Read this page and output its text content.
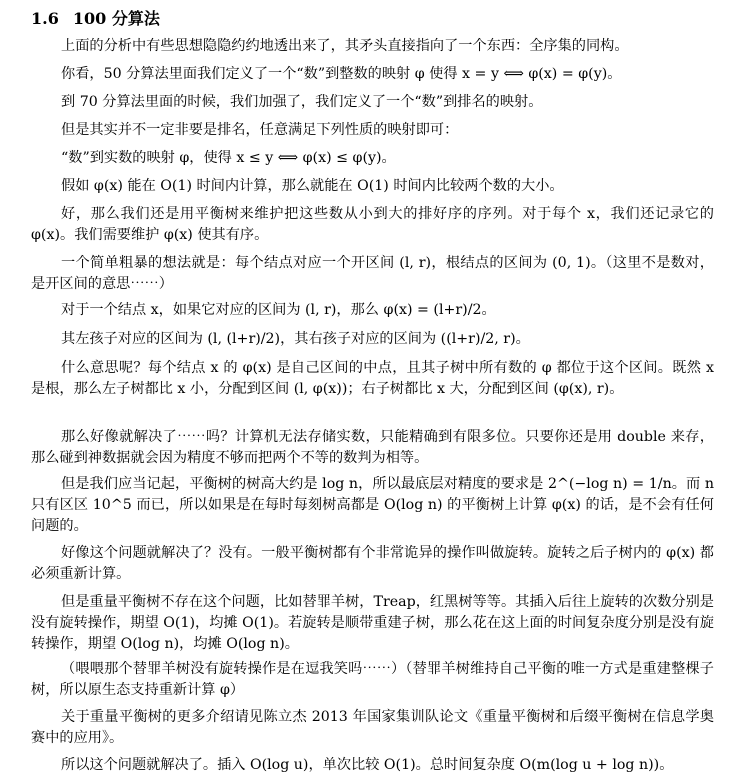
1.6 100 分算法

上面的分析中有些思想隐隐约约地透出来了，其矛头直接指向了一个东西：全序集的同构。

你看，50 分算法里面我们定义了一个“数”到整数的映射 φ 使得 x = y ⟺ φ(x) = φ(y)。

到 70 分算法里面的时候，我们加强了，我们定义了一个“数”到排名的映射。

但是其实并不一定非要是排名，任意满足下列性质的映射即可：

“数”到实数的映射 φ，使得 x ≤ y ⟺ φ(x) ≤ φ(y)。

假如 φ(x) 能在 O(1) 时间内计算，那么就能在 O(1) 时间内比较两个数的大小。

好，那么我们还是用平衡树来维护把这些数从小到大的排好序的序列。对于每个 x，我们还记录它的 φ(x)。我们需要维护 φ(x) 使其有序。

一个简单粗暴的想法就是：每个结点对应一个开区间 (l, r)，根结点的区间为 (0, 1)。（这里不是数对，是开区间的意思⋯⋯）

对于一个结点 x，如果它对应的区间为 (l, r)，那么 φ(x) = (l+r)/2。

其左孩子对应的区间为 (l, (l+r)/2)，其右孩子对应的区间为 ((l+r)/2, r)。

什么意思呢？每个结点 x 的 φ(x) 是自己区间的中点，且其子树中所有数的 φ 都位于这个区间。既然 x 是根，那么左子树都比 x 小，分配到区间 (l, φ(x))；右子树都比 x 大，分配到区间 (φ(x), r)。

那么好像就解决了⋯⋯吗？计算机无法存储实数，只能精确到有限多位。只要你还是用 double 来存，那么碰到神数据就会因为精度不够而把两个不等的数判为相等。

但是我们应当记起，平衡树的树高大约是 log n，所以最底层对精度的要求是 2^(−log n) = 1/n。而 n 只有区区 10^5 而已，所以如果是在每时每刻树高都是 O(log n) 的平衡树上计算 φ(x) 的话，是不会有任何问题的。

好像这个问题就解决了？没有。一般平衡树都有个非常诡异的操作叫做旋转。旋转之后子树内的 φ(x) 都必须重新计算。

但是重量平衡树不存在这个问题，比如替罪羊树，Treap，红黑树等等。其插入后往上旋转的次数分别是没有旋转操作，期望 O(1)，均摊 O(1)。若旋转是顺带重建子树，那么花在这上面的时间复杂度分别是没有旋转操作，期望 O(log n)，均摊 O(log n)。

（喂喂那个替罪羊树没有旋转操作是在逗我笑吗⋯⋯）（替罪羊树维持自己平衡的唯一方式是重建整棵子树，所以原生态支持重新计算 φ）

关于重量平衡树的更多介绍请见陈立杰 2013 年国家集训队论文《重量平衡树和后缀平衡树在信息学奥赛中的应用》。

所以这个问题就解决了。插入 O(log u)，单次比较 O(1)。总时间复杂度 O(m(log u + log n))。
